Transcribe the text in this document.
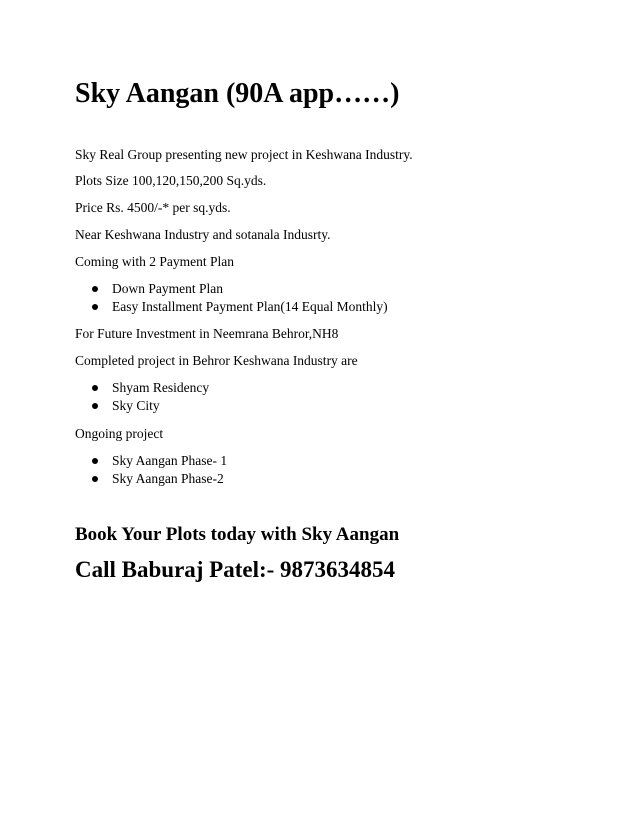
Sky Aangan (90A app……)

Sky Real Group presenting new project in Keshwana Industry.

Plots Size 100,120,150,200 Sq.yds.

Price Rs. 4500/-* per sq.yds.

Near Keshwana Industry and sotanala Indusrty.

Coming with 2 Payment Plan

Down Payment Plan
Easy Installment Payment Plan(14 Equal Monthly)

For Future Investment in Neemrana Behror,NH8

Completed project in Behror Keshwana Industry are

Shyam Residency
Sky City

Ongoing project

Sky Aangan Phase- 1
Sky Aangan Phase-2

Book Your Plots today with Sky Aangan

Call Baburaj Patel:- 9873634854
